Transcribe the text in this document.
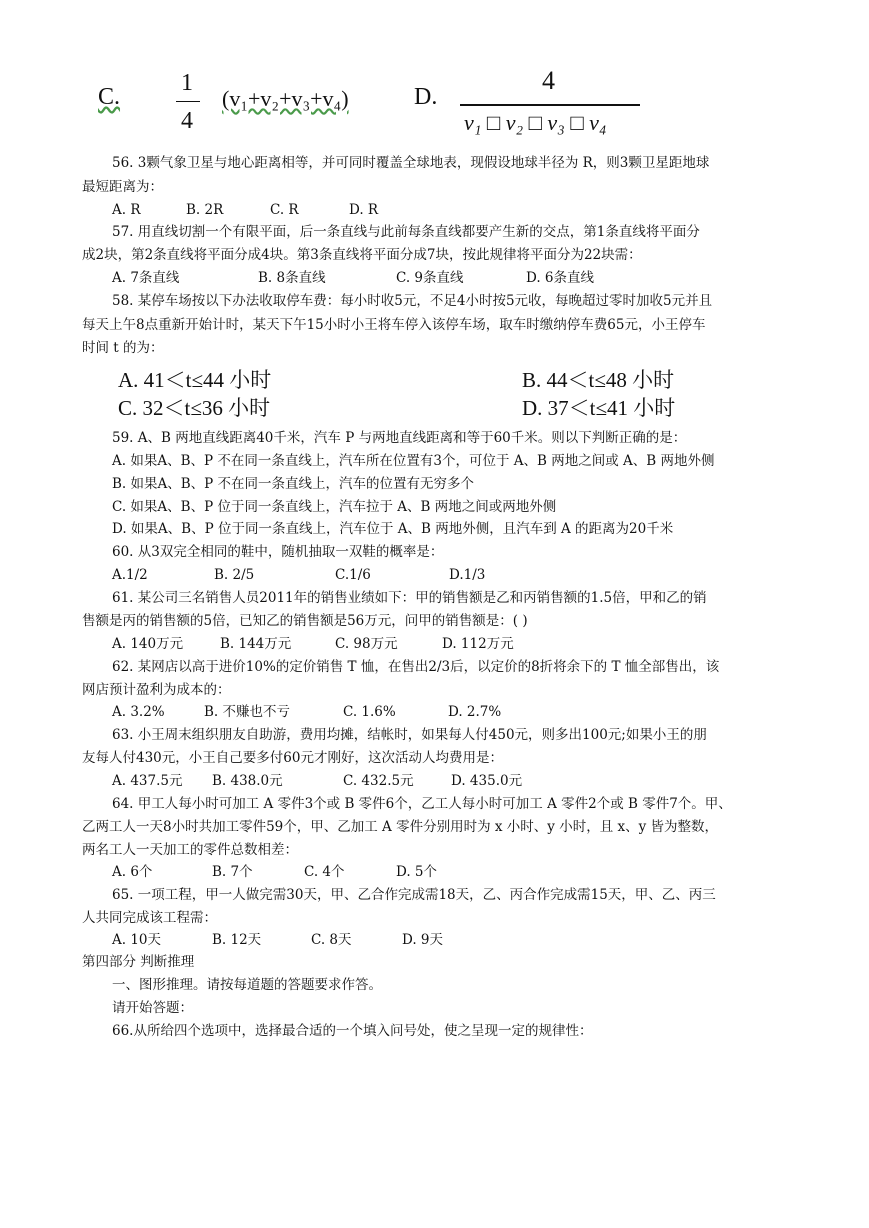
C.
1
4
(v₁+v₂+v₃+v₄)	D.
4
v₁ □ v₂ □ v₃ □ v₄
56. 3颗气象卫星与地心距离相等，并可同时覆盖全球地表，现假设地球半径为 R，则3颗卫星距地球
最短距离为：
A. R	B. 2R	C. R	D. R
57. 用直线切割一个有限平面，后一条直线与此前每条直线都要产生新的交点，第1条直线将平面分
成2块，第2条直线将平面分成4块。第3条直线将平面分成7块，按此规律将平面分为22块需：
A. 7条直线	B. 8条直线	C. 9条直线	D. 6条直线
58. 某停车场按以下办法收取停车费：每小时收5元，不足4小时按5元收，每晚超过零时加收5元并且
每天上午8点重新开始计时，某天下午15小时小王将车停入该停车场，取车时缴纳停车费65元，小王停车
时间 t 的为：
A. 41＜t≤44 小时	B. 44＜t≤48 小时
C. 32＜t≤36 小时	D. 37＜t≤41 小时
59. A、B 两地直线距离40千米，汽车 P 与两地直线距离和等于60千米。则以下判断正确的是：
A. 如果A、B、P 不在同一条直线上，汽车所在位置有3个，可位于 A、B 两地之间或 A、B 两地外侧
B. 如果A、B、P 不在同一条直线上，汽车的位置有无穷多个
C. 如果A、B、P 位于同一条直线上，汽车拉于 A、B 两地之间或两地外侧
D. 如果A、B、P 位于同一条直线上，汽车位于 A、B 两地外侧，且汽车到 A 的距离为20千米
60. 从3双完全相同的鞋中，随机抽取一双鞋的概率是：
A.1/2	B. 2/5	C.1/6	D.1/3
61. 某公司三名销售人员2011年的销售业绩如下：甲的销售额是乙和丙销售额的1.5倍，甲和乙的销
售额是丙的销售额的5倍，已知乙的销售额是56万元，问甲的销售额是：( )
A. 140万元	B. 144万元	C. 98万元	D. 112万元
62. 某网店以高于进价10%的定价销售 T 恤，在售出2/3后，以定价的8折将余下的 T 恤全部售出，该
网店预计盈利为成本的：
A. 3.2%	B. 不赚也不亏	C. 1.6%	D. 2.7%
63. 小王周末组织朋友自助游，费用均摊，结帐时，如果每人付450元，则多出100元;如果小王的朋
友每人付430元，小王自己要多付60元才刚好，这次活动人均费用是：
A. 437.5元 B. 438.0元	C. 432.5元	D. 435.0元
64. 甲工人每小时可加工 A 零件3个或 B 零件6个，乙工人每小时可加工 A 零件2个或 B 零件7个。甲、
乙两工人一天8小时共加工零件59个，甲、乙加工 A 零件分别用时为 x 小时、y 小时，且 x、y 皆为整数，
两名工人一天加工的零件总数相差：
A. 6个	B. 7个	C. 4个	D. 5个
65. 一项工程，甲一人做完需30天，甲、乙合作完成需18天，乙、丙合作完成需15天，甲、乙、丙三
人共同完成该工程需：
A. 10天	B. 12天	C. 8天	D. 9天
第四部分 判断推理
一、图形推理。请按每道题的答题要求作答。
请开始答题：
66.从所给四个选项中，选择最合适的一个填入问号处，使之呈现一定的规律性：
